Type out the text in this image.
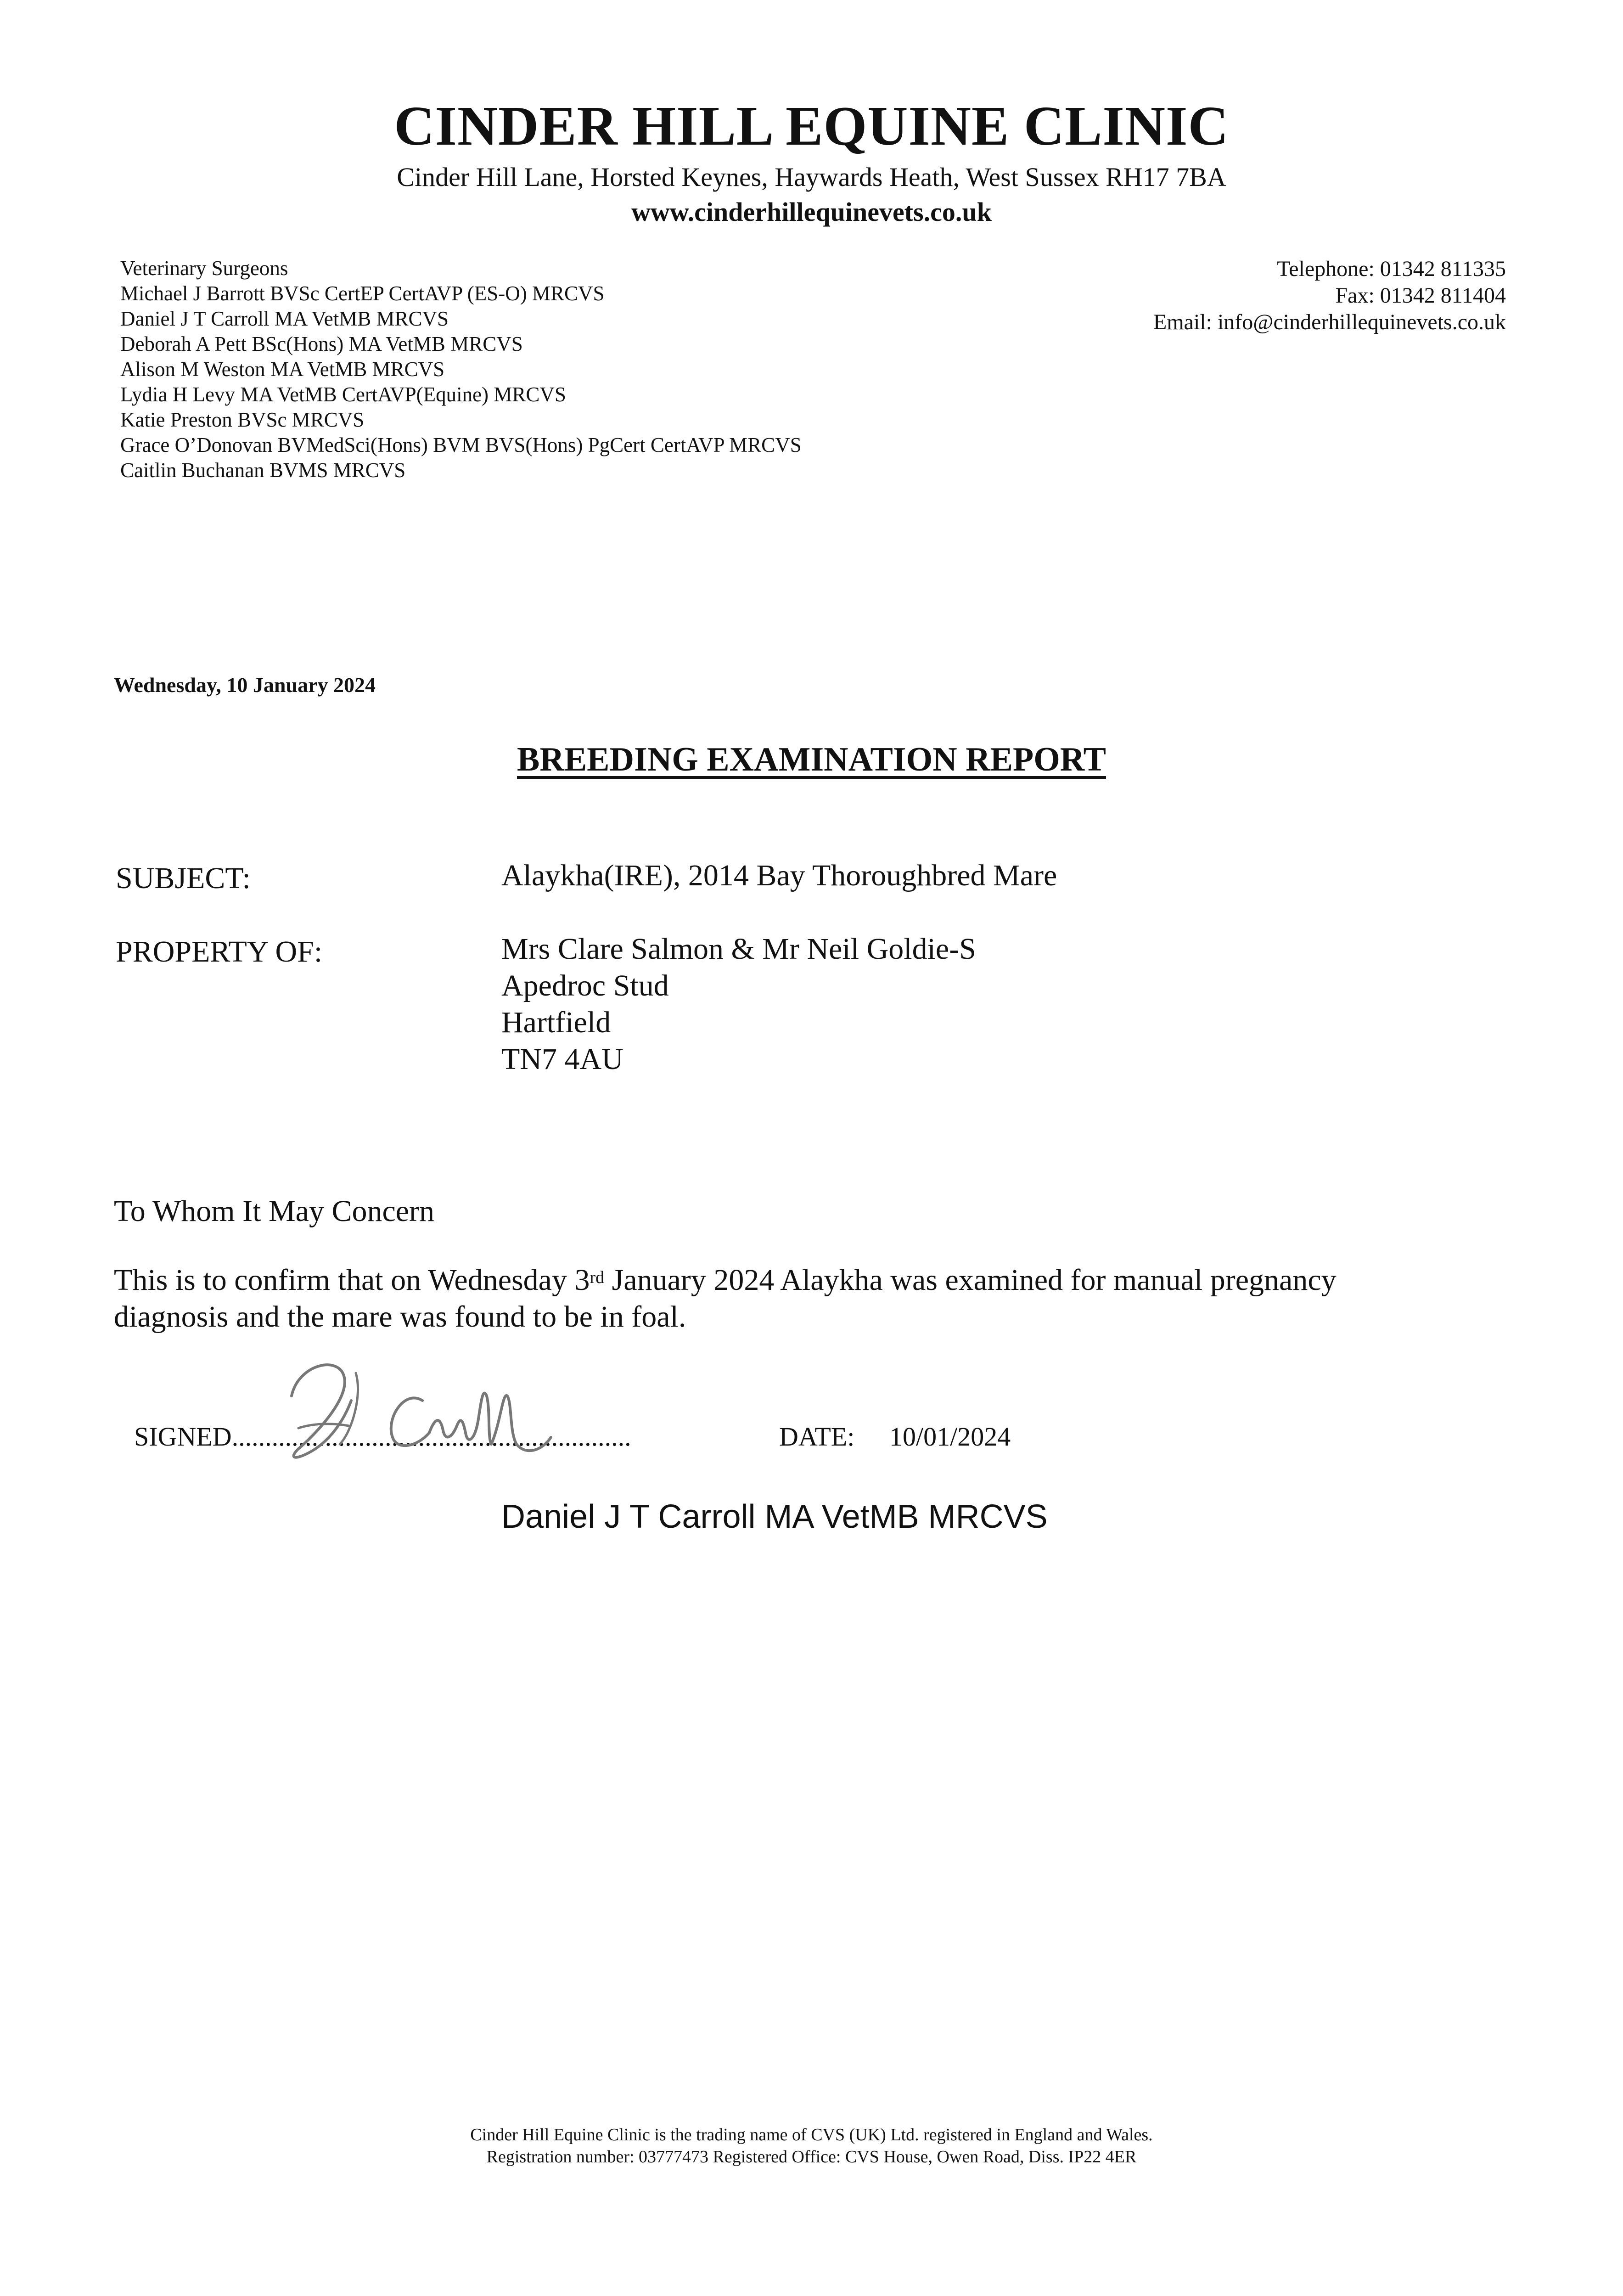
CINDER HILL EQUINE CLINIC
Cinder Hill Lane, Horsted Keynes, Haywards Heath, West Sussex RH17 7BA
www.cinderhillequinevets.co.uk
Veterinary Surgeons
Michael J Barrott BVSc CertEP CertAVP (ES-O) MRCVS
Daniel J T Carroll MA VetMB MRCVS
Deborah A Pett BSc(Hons) MA VetMB MRCVS
Alison M Weston MA VetMB MRCVS
Lydia H Levy MA VetMB CertAVP(Equine) MRCVS
Katie Preston BVSc MRCVS
Grace O’Donovan BVMedSci(Hons) BVM BVS(Hons) PgCert CertAVP MRCVS
Caitlin Buchanan BVMS MRCVS
Telephone: 01342 811335
Fax: 01342 811404
Email: info@cinderhillequinevets.co.uk
Wednesday, 10 January 2024
BREEDING EXAMINATION REPORT
SUBJECT:	Alaykha(IRE), 2014 Bay Thoroughbred Mare
PROPERTY OF:	Mrs Clare Salmon & Mr Neil Goldie-S
Apedroc Stud
Hartfield
TN7 4AU
To Whom It May Concern
This is to confirm that on Wednesday 3rd January 2024 Alaykha was examined for manual pregnancy diagnosis and the mare was found to be in foal.
SIGNED............................................................	DATE: 10/01/2024
Daniel J T Carroll MA VetMB MRCVS
Cinder Hill Equine Clinic is the trading name of CVS (UK) Ltd. registered in England and Wales.
Registration number: 03777473 Registered Office: CVS House, Owen Road, Diss. IP22 4ER
